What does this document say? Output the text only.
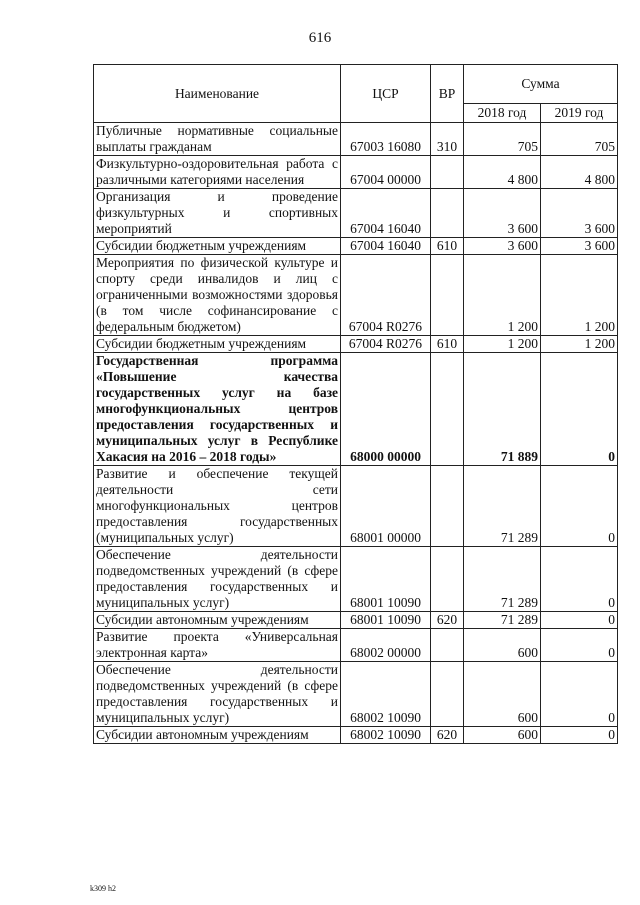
616
Наименование	ЦСР	ВР	Сумма	
			2018 год	2019 год
Публичные нормативные социальные выплаты гражданам	67003 16080	310	705	705
Физкультурно-оздоровительная работа с различными категориями населения	67004 00000		4 800	4 800
Организация и проведение физкультурных и спортивных мероприятий	67004 16040		3 600	3 600
Субсидии бюджетным учреждениям	67004 16040	610	3 600	3 600
Мероприятия по физической культуре и спорту среди инвалидов и лиц с ограниченными возможностями здоровья (в том числе софинансирование с федеральным бюджетом)	67004 R0276		1 200	1 200
Субсидии бюджетным учреждениям	67004 R0276	610	1 200	1 200
Государственная программа «Повышение качества государственных услуг на базе многофункциональных центров предоставления государственных и муниципальных услуг в Республике Хакасия на 2016 – 2018 годы»	68000 00000		71 889	0
Развитие и обеспечение текущей деятельности сети многофункциональных центров предоставления государственных (муниципальных услуг)	68001 00000		71 289	0
Обеспечение деятельности подведомственных учреждений (в сфере предоставления государственных и муниципальных услуг)	68001 10090		71 289	0
Субсидии автономным учреждениям	68001 10090	620	71 289	0
Развитие проекта «Универсальная электронная карта»	68002 00000		600	0
Обеспечение деятельности подведомственных учреждений (в сфере предоставления государственных и муниципальных услуг)	68002 10090		600	0
Субсидии автономным учреждениям	68002 10090	620	600	0
k309 h2
